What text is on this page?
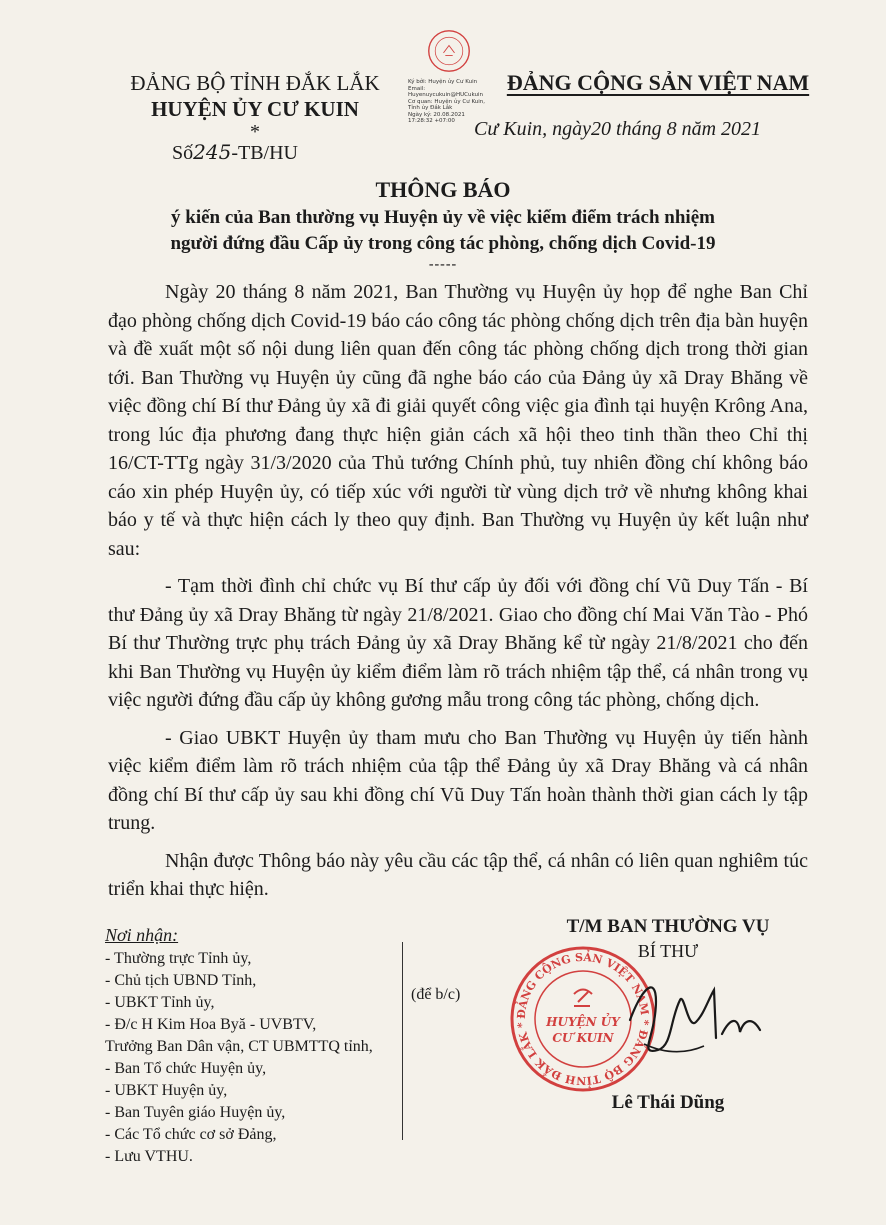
ĐẢNG BỘ TỈNH ĐẮK LẮK
HUYỆN ỦY CƯ KUIN
*
Số245-TB/HU
Ký bởi: Huyện ủy Cư Kuin
Email:
Huyenuycukuin@HUCukuin
Cơ quan: Huyện ủy Cư Kuin,
Tỉnh ủy Đắk Lắk
Ngày ký: 20.08.2021
17:28:32 +07:00
ĐẢNG CỘNG SẢN VIỆT NAM
Cư Kuin, ngày20 tháng 8 năm 2021
THÔNG BÁO
ý kiến của Ban thường vụ Huyện ủy về việc kiểm điểm trách nhiệm
người đứng đầu Cấp ủy trong công tác phòng, chống dịch Covid-19
-----

Ngày 20 tháng 8 năm 2021, Ban Thường vụ Huyện ủy họp để nghe Ban Chỉ đạo phòng chống dịch Covid-19 báo cáo công tác phòng chống dịch trên địa bàn huyện và đề xuất một số nội dung liên quan đến công tác phòng chống dịch trong thời gian tới. Ban Thường vụ Huyện ủy cũng đã nghe báo cáo của Đảng ủy xã Dray Bhăng về việc đồng chí Bí thư Đảng ủy xã đi giải quyết công việc gia đình tại huyện Krông Ana, trong lúc địa phương đang thực hiện giản cách xã hội theo tinh thần theo Chỉ thị 16/CT-TTg ngày 31/3/2020 của Thủ tướng Chính phủ, tuy nhiên đồng chí không báo cáo xin phép Huyện ủy, có tiếp xúc với người từ vùng dịch trở về nhưng không khai báo y tế và thực hiện cách ly theo quy định. Ban Thường vụ Huyện ủy kết luận như sau:

- Tạm thời đình chỉ chức vụ Bí thư cấp ủy đối với đồng chí Vũ Duy Tấn - Bí thư Đảng ủy xã Dray Bhăng từ ngày 21/8/2021. Giao cho đồng chí Mai Văn Tào - Phó Bí thư Thường trực phụ trách Đảng ủy xã Dray Bhăng kể từ ngày 21/8/2021 cho đến khi Ban Thường vụ Huyện ủy kiểm điểm làm rõ trách nhiệm tập thể, cá nhân trong vụ việc người đứng đầu cấp ủy không gương mẫu trong công tác phòng, chống dịch.

- Giao UBKT Huyện ủy tham mưu cho Ban Thường vụ Huyện ủy tiến hành việc kiểm điểm làm rõ trách nhiệm của tập thể Đảng ủy xã Dray Bhăng và cá nhân đồng chí Bí thư cấp ủy sau khi đồng chí Vũ Duy Tấn hoàn thành thời gian cách ly tập trung.

Nhận được Thông báo này yêu cầu các tập thể, cá nhân có liên quan nghiêm túc triển khai thực hiện.

Nơi nhận:
- Thường trực Tỉnh ủy,
- Chủ tịch UBND Tỉnh,
- UBKT Tỉnh ủy,
- Đ/c H Kim Hoa Byă - UVBTV,
Trưởng Ban Dân vận, CT UBMTTQ tỉnh,
- Ban Tổ chức Huyện ủy,
- UBKT Huyện ủy,
- Ban Tuyên giáo Huyện ủy,
- Các Tổ chức cơ sở Đảng,
- Lưu VTHU.
(để b/c)
T/M BAN THƯỜNG VỤ
BÍ THƯ
ĐẢNG CỘNG SẢN VIỆT NAM * ĐẢNG BỘ TỈNH ĐẮK LẮK *	HUYỆN ỦY
CƯ KUIN
Lê Thái Dũng
